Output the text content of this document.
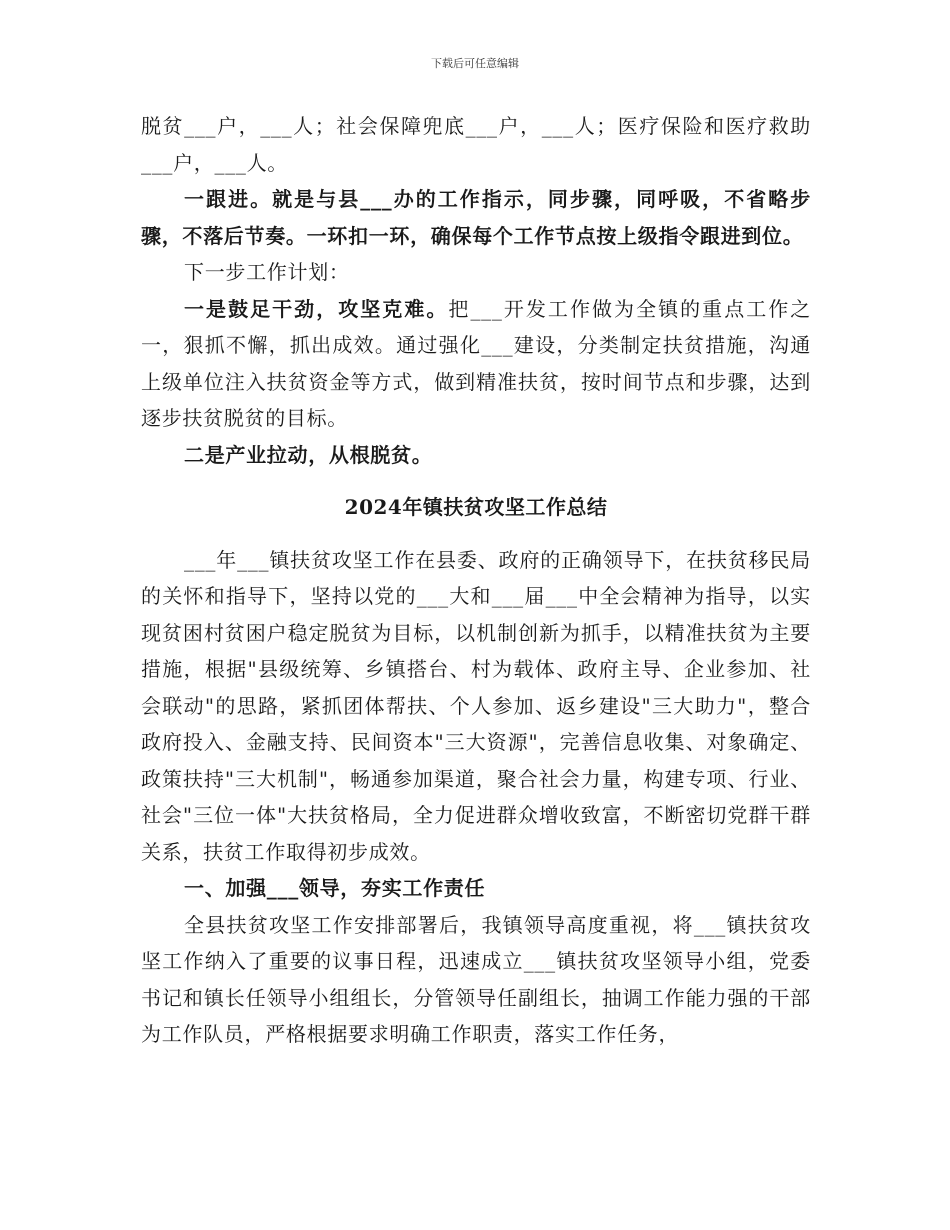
下载后可任意编辑

脱贫___户，___人；社会保障兜底___户，___人；医疗保险和医疗救助___户，___人。

一跟进。就是与县___办的工作指示，同步骤，同呼吸，不省略步骤，不落后节奏。一环扣一环，确保每个工作节点按上级指令跟进到位。

下一步工作计划：

一是鼓足干劲，攻坚克难。把___开发工作做为全镇的重点工作之一，狠抓不懈，抓出成效。通过强化___建设，分类制定扶贫措施，沟通上级单位注入扶贫资金等方式，做到精准扶贫，按时间节点和步骤，达到逐步扶贫脱贫的目标。

二是产业拉动，从根脱贫。

2024年镇扶贫攻坚工作总结

___年___镇扶贫攻坚工作在县委、政府的正确领导下，在扶贫移民局的关怀和指导下，坚持以党的___大和___届___中全会精神为指导，以实现贫困村贫困户稳定脱贫为目标，以机制创新为抓手，以精准扶贫为主要措施，根据"县级统筹、乡镇搭台、村为载体、政府主导、企业参加、社会联动"的思路，紧抓团体帮扶、个人参加、返乡建设"三大助力"，整合政府投入、金融支持、民间资本"三大资源"，完善信息收集、对象确定、政策扶持"三大机制"，畅通参加渠道，聚合社会力量，构建专项、行业、社会"三位一体"大扶贫格局，全力促进群众增收致富，不断密切党群干群关系，扶贫工作取得初步成效。

一、加强___领导，夯实工作责任

全县扶贫攻坚工作安排部署后，我镇领导高度重视，将___镇扶贫攻坚工作纳入了重要的议事日程，迅速成立___镇扶贫攻坚领导小组，党委书记和镇长任领导小组组长，分管领导任副组长，抽调工作能力强的干部为工作队员，严格根据要求明确工作职责，落实工作任务，
